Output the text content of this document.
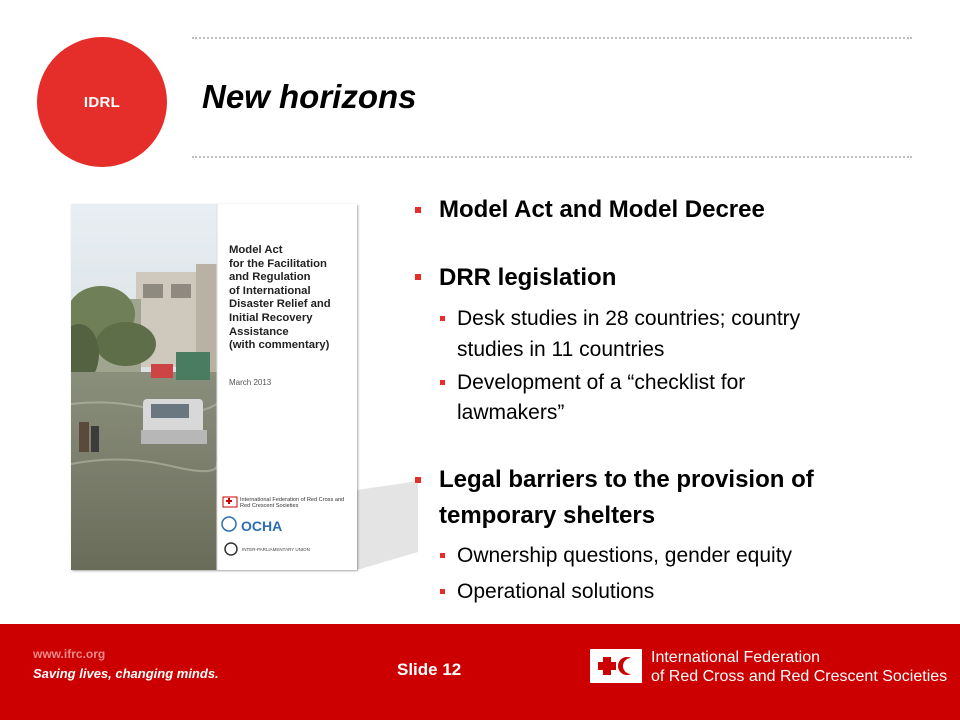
IDRL New horizons
Model Act
for the Facilitation
and Regulation
of International
Disaster Relief and
Initial Recovery
Assistance
(with commentary)
March 2013
International Federation of Red Cross and Red Crescent Societies
OCHA
INTER-PARLIAMENTARY UNION
Model Act and Model Decree
DRR legislation
Desk studies in 28 countries; country
studies in 11 countries
Development of a “checklist for
lawmakers”
Legal barriers to the provision of
temporary shelters
Ownership questions, gender equity
Operational solutions
www.ifrc.org
Saving lives, changing minds.	Slide 12
International Federation
of Red Cross and Red Crescent Societies
